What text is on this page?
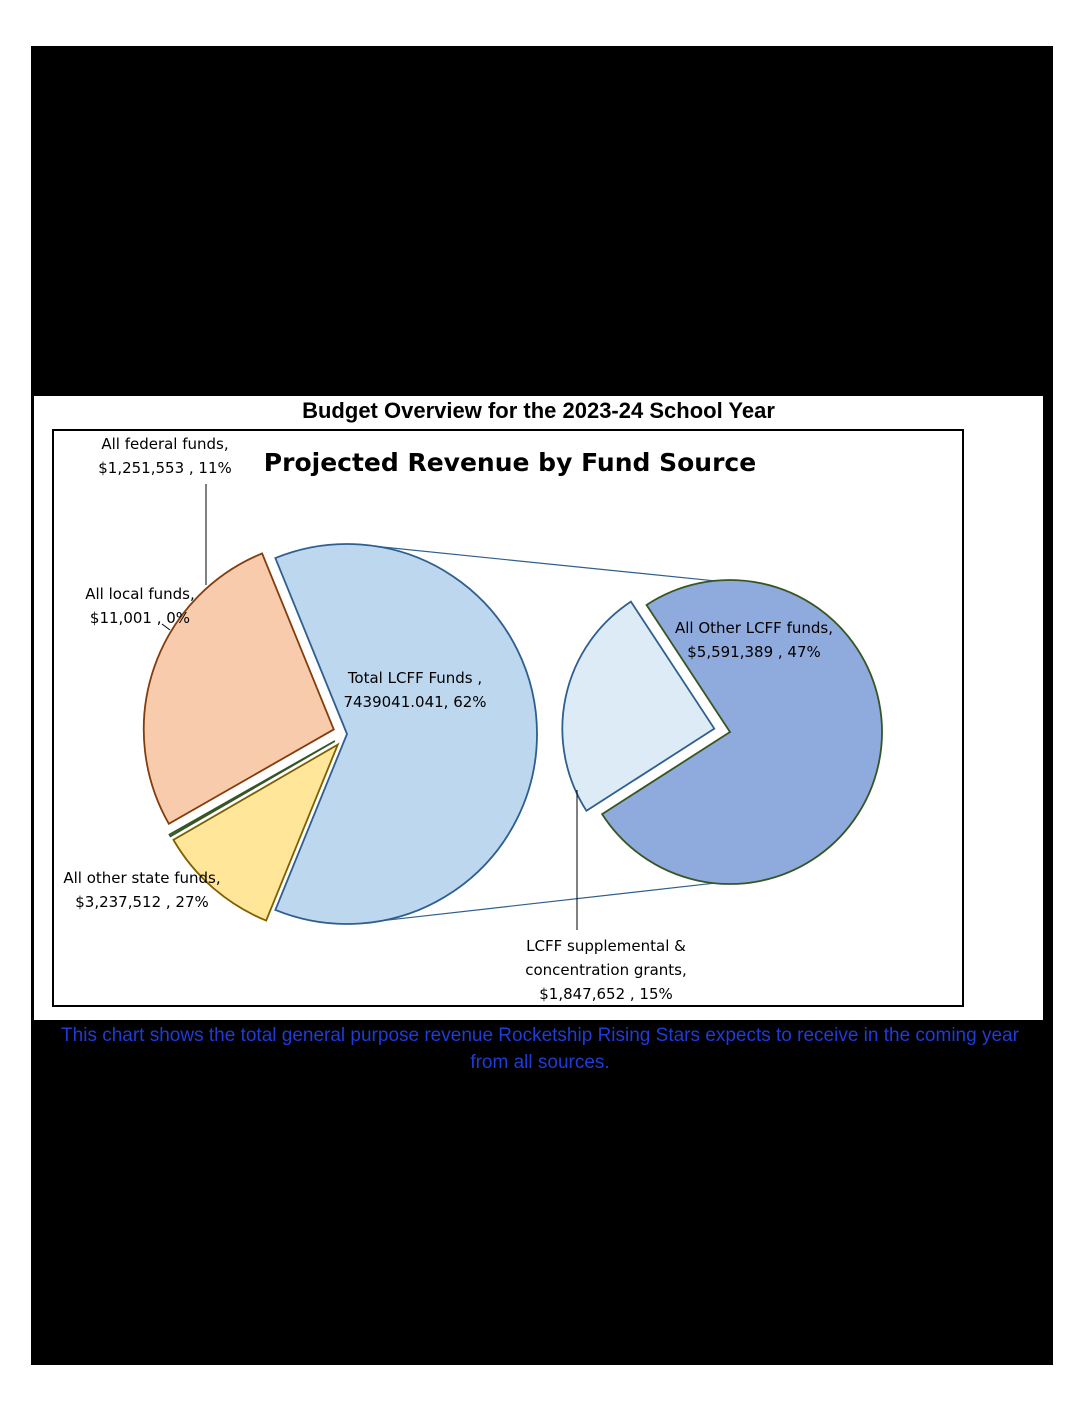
Budget Overview for the 2023-24 School Year
Projected Revenue by Fund Source
All federal funds,
$1,251,553 , 11%
All local funds,
$11,001 , 0%
Total LCFF Funds ,
7439041.041, 62%
All other state funds,
$3,237,512 , 27%
All Other LCFF funds,
$5,591,389 , 47%
LCFF supplemental &
concentration grants,
$1,847,652 , 15%
This chart shows the total general purpose revenue Rocketship Rising Stars expects to receive in the coming year from all sources.
